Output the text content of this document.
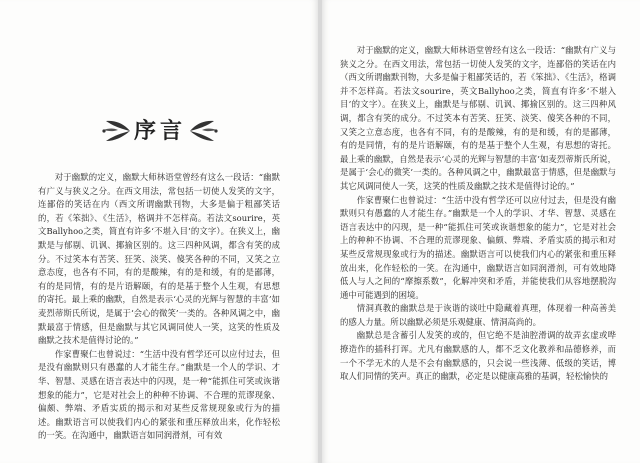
序言

对于幽默的定义，幽默大师林语堂曾经有这么一段话：“幽默有广义与狭义之分。在西文用法，常包括一切使人发笑的文字，连鄙俗的笑话在内（西文所谓幽默刊物，大多是偏于粗鄙笑话的，若《笨拙》、《生活》，格调并不怎样高。若法文sourire，英文Ballyhoo之类，简直有许多‘不堪入目’的文字）。在狭义上，幽默是与郁剔、讥讽、揶揄区别的。这三四种风调，都含有笑的成分。不过笑本有苦笑、狂笑、淡笑、傻笑各种的不同，又笑之立意态度，也各有不同，有的是酸辣，有的是和缓，有的是鄙薄，有的是同情，有的是片语解颐，有的是基于整个人生观，有思想的寄托。最上乘的幽默，自然是表示‘心灵的光辉与智慧的丰富’如麦烈蒂斯氏所说，是属于‘会心的微笑’一类的。各种风调之中，幽默最富于情感，但是幽默与其它风调同使人一笑，这笑的性质及幽默之技术是值得讨论的。”

作家曹聚仁也曾说过：“生活中没有哲学还可以应付过去，但是没有幽默则只有愚蠢的人才能生存。”幽默是一个人的学识、才华、智慧、灵感在语言表达中的闪现，是一种“能抓住可笑或诙谐想象的能力”，它是对社会上的种种不协调、不合理的荒谬现象、偏颇、弊端、矛盾实质的揭示和对某些反常规现象或行为的描述。幽默语言可以使我们内心的紧张和重压释放出来，化作轻松的一笑。在沟通中，幽默语言如同润滑剂，可有效

对于幽默的定义，幽默大师林语堂曾经有这么一段话：“幽默有广义与狭义之分。在西文用法，常包括一切使人发笑的文字，连鄙俗的笑话在内（西文所谓幽默刊物，大多是偏于粗鄙笑话的，若《笨拙》、《生活》，格调并不怎样高。若法文sourire，英文Ballyhoo之类，简直有许多‘不堪入目’的文字）。在狭义上，幽默是与郁剔、讥讽、揶揄区别的。这三四种风调，都含有笑的成分。不过笑本有苦笑、狂笑、淡笑、傻笑各种的不同，又笑之立意态度，也各有不同，有的是酸辣，有的是和缓，有的是鄙薄，有的是同情，有的是片语解颐，有的是基于整个人生观，有思想的寄托。最上乘的幽默，自然是表示‘心灵的光辉与智慧的丰富’如麦烈蒂斯氏所说，是属于‘会心的微笑’一类的。各种风调之中，幽默最富于情感，但是幽默与其它风调同使人一笑，这笑的性质及幽默之技术是值得讨论的。”

作家曹聚仁也曾说过：“生活中没有哲学还可以应付过去，但是没有幽默则只有愚蠢的人才能生存。”幽默是一个人的学识、才华、智慧、灵感在语言表达中的闪现，是一种“能抓住可笑或诙谐想象的能力”，它是对社会上的种种不协调、不合理的荒谬现象、偏颇、弊端、矛盾实质的揭示和对某些反常规现象或行为的描述。幽默语言可以使我们内心的紧张和重压释放出来，化作轻松的一笑。在沟通中，幽默语言如同润滑剂，可有效地降低人与人之间的“摩擦系数”，化解冲突和矛盾，并能使我们从容地摆脱沟通中可能遇到的困境。

情洞真教的幽默总是于诙谐的谈吐中隐藏着真理，体现着一种高善美的感人力量。所以幽默必须是乐观健康、情洞高尚的。

幽默总是含蓄引人发笑的或的，但它绝不是油腔滑调的故弄玄虚或哗撩造作的插科打诨。尤凡有幽默感的人，都不乏文化教养和品德修养，而一个不学无术的人是不会有幽默感的，只会说一些浅薄、低级的笑话，博取人们同情的笑声。真正的幽默，必定是以健康高雅的基调，轻松愉快的
